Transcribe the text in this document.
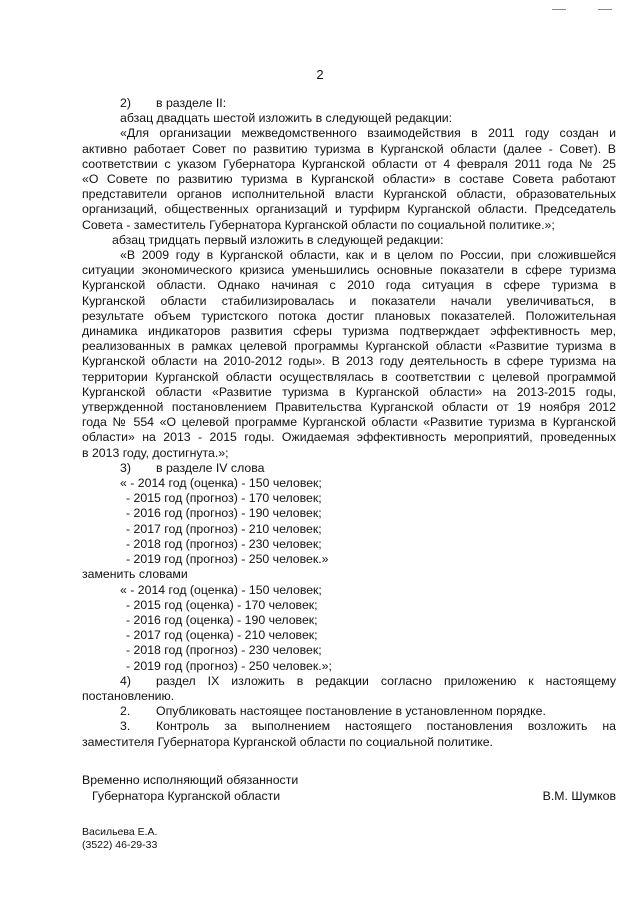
2

2) в разделе II:

абзац двадцать шестой изложить в следующей редакции:

«Для организации межведомственного взаимодействия в 2011 году создан и

активно работает Совет по развитию туризма в Курганской области (далее - Совет). В

соответствии с указом Губернатора Курганской области от 4 февраля 2011 года № 25

«О Совете по развитию туризма в Курганской области» в составе Совета работают

представители органов исполнительной власти Курганской области, образовательных

организаций, общественных организаций и турфирм Курганской области. Председатель

Совета - заместитель Губернатора Курганской области по социальной политике.»;

абзац тридцать первый изложить в следующей редакции:

«В 2009 году в Курганской области, как и в целом по России, при сложившейся

ситуации экономического кризиса уменьшились основные показатели в сфере туризма

Курганской области. Однако начиная с 2010 года ситуация в сфере туризма в

Курганской области стабилизировалась и показатели начали увеличиваться, в

результате объем туристского потока достиг плановых показателей. Положительная

динамика индикаторов развития сферы туризма подтверждает эффективность мер,

реализованных в рамках целевой программы Курганской области «Развитие туризма в

Курганской области на 2010-2012 годы». В 2013 году деятельность в сфере туризма на

территории Курганской области осуществлялась в соответствии с целевой программой

Курганской области «Развитие туризма в Курганской области» на 2013-2015 годы,

утвержденной постановлением Правительства Курганской области от 19 ноября 2012

года № 554 «О целевой программе Курганской области «Развитие туризма в Курганской

области» на 2013 - 2015 годы. Ожидаемая эффективность мероприятий, проведенных

в 2013 году, достигнута.»;

3) в разделе IV слова

« - 2014 год (оценка) - 150 человек;
- 2015 год (прогноз) - 170 человек;
- 2016 год (прогноз) - 190 человек;
- 2017 год (прогноз) - 210 человек;
- 2018 год (прогноз) - 230 человек;
- 2019 год (прогноз) - 250 человек.»

заменить словами

« - 2014 год (оценка) - 150 человек;
- 2015 год (оценка) - 170 человек;
- 2016 год (оценка) - 190 человек;
- 2017 год (оценка) - 210 человек;
- 2018 год (прогноз) - 230 человек;
- 2019 год (прогноз) - 250 человек.»;

4) раздел IX изложить в редакции согласно приложению к настоящему

постановлению.

2. Опубликовать настоящее постановление в установленном порядке.

3. Контроль за выполнением настоящего постановления возложить на

заместителя Губернатора Курганской области по социальной политике.

Временно исполняющий обязанности
Губернатора Курганской области	В.М. Шумков
Васильева Е.А.
(3522) 46-29-33
